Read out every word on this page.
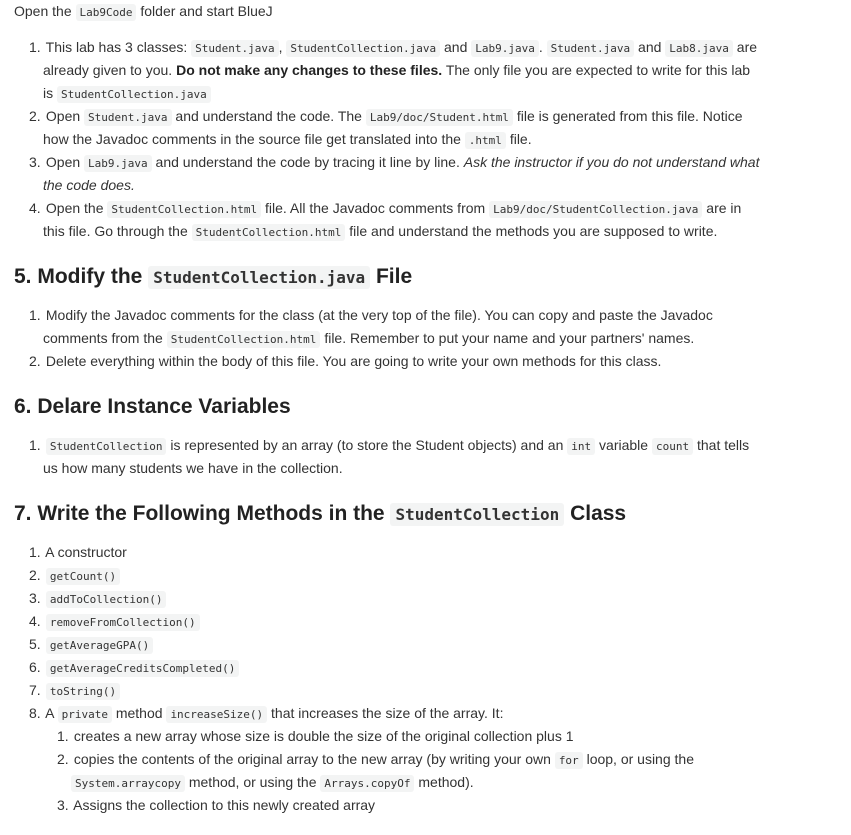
Open the Lab9Code folder and start BlueJ
1. This lab has 3 classes: Student.java , StudentCollection.java and Lab9.java . Student.java and Lab8.java are
already given to you. Do not make any changes to these files. The only file you are expected to write for this lab
is StudentCollection.java
2. Open Student.java and understand the code. The Lab9/doc/Student.html file is generated from this file. Notice
how the Javadoc comments in the source file get translated into the .html file.
3. Open Lab9.java and understand the code by tracing it line by line. Ask the instructor if you do not understand what
the code does.
4. Open the StudentCollection.html file. All the Javadoc comments from Lab9/doc/StudentCollection.java are in
this file. Go through the StudentCollection.html file and understand the methods you are supposed to write.
5. Modify the StudentCollection.java File
1. Modify the Javadoc comments for the class (at the very top of the file). You can copy and paste the Javadoc
comments from the StudentCollection.html file. Remember to put your name and your partners' names.
2. Delete everything within the body of this file. You are going to write your own methods for this class.
6. Delare Instance Variables
1. StudentCollection is represented by an array (to store the Student objects) and an int variable count that tells
us how many students we have in the collection.
7. Write the Following Methods in the StudentCollection Class
1. A constructor
2. getCount()
3. addToCollection()
4. removeFromCollection()
5. getAverageGPA()
6. getAverageCreditsCompleted()
7. toString()
8. A private method increaseSize() that increases the size of the array. It:
1. creates a new array whose size is double the size of the original collection plus 1
2. copies the contents of the original array to the new array (by writing your own for loop, or using the
System.arraycopy method, or using the Arrays.copyOf method).
3. Assigns the collection to this newly created array
